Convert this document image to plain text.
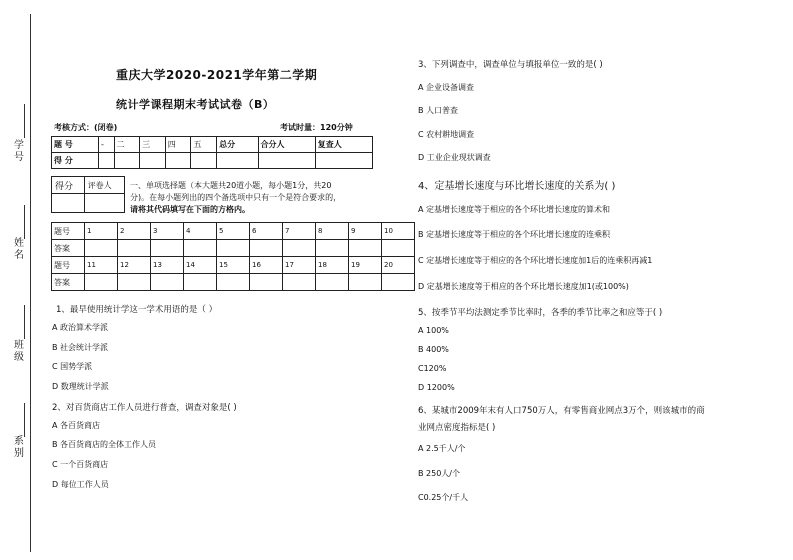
学号
姓名
班级
系别
重庆大学2020-2021学年第二学期
统计学课程期末考试试卷（B）
考核方式：(闭卷)	考试时量：120分钟
题 号	-	二	三	四	五	总分	合分人	复查人
得 分								
得分	评卷人
	一、单项选择题（本大题共20道小题，每小题1分，共20
分)。在每小题列出的四个备选项中只有一个是符合要求的，
请将其代码填写在下面的方格内。
题号	1	2	3	4	5	6	7	8	9	10
答案										
题号	11	12	13	14	15	16	17	18	19	20
答案										
1、最早使用统计学这一学术用语的是（ ）
A 政治算术学派
B 社会统计学派
C 国势学派
D 数理统计学派
2、对百货商店工作人员进行普查，调查对象是( )
A 各百货商店
B 各百货商店的全体工作人员
C 一个百货商店
D 每位工作人员
3、下列调查中，调查单位与填报单位一致的是( )
A 企业设备调查
B 人口普查
C 农村耕地调查
D 工业企业现状调查
4、定基增长速度与环比增长速度的关系为( )
A 定基增长速度等于相应的各个环比增长速度的算术和
B 定基增长速度等于相应的各个环比增长速度的连乘积
C 定基增长速度等于相应的各个环比增长速度加1后的连乘积再减1
D 定基增长速度等于相应的各个环比增长速度加1(或100%)
5、按季节平均法测定季节比率时，各季的季节比率之和应等于( )
A 100%
B 400%
C120%
D 1200%
6、某城市2009年末有人口750万人，有零售商业网点3万个，则该城市的商
业网点密度指标是( )
A 2.5千人/个
B 250人/个
C0.25个/千人
